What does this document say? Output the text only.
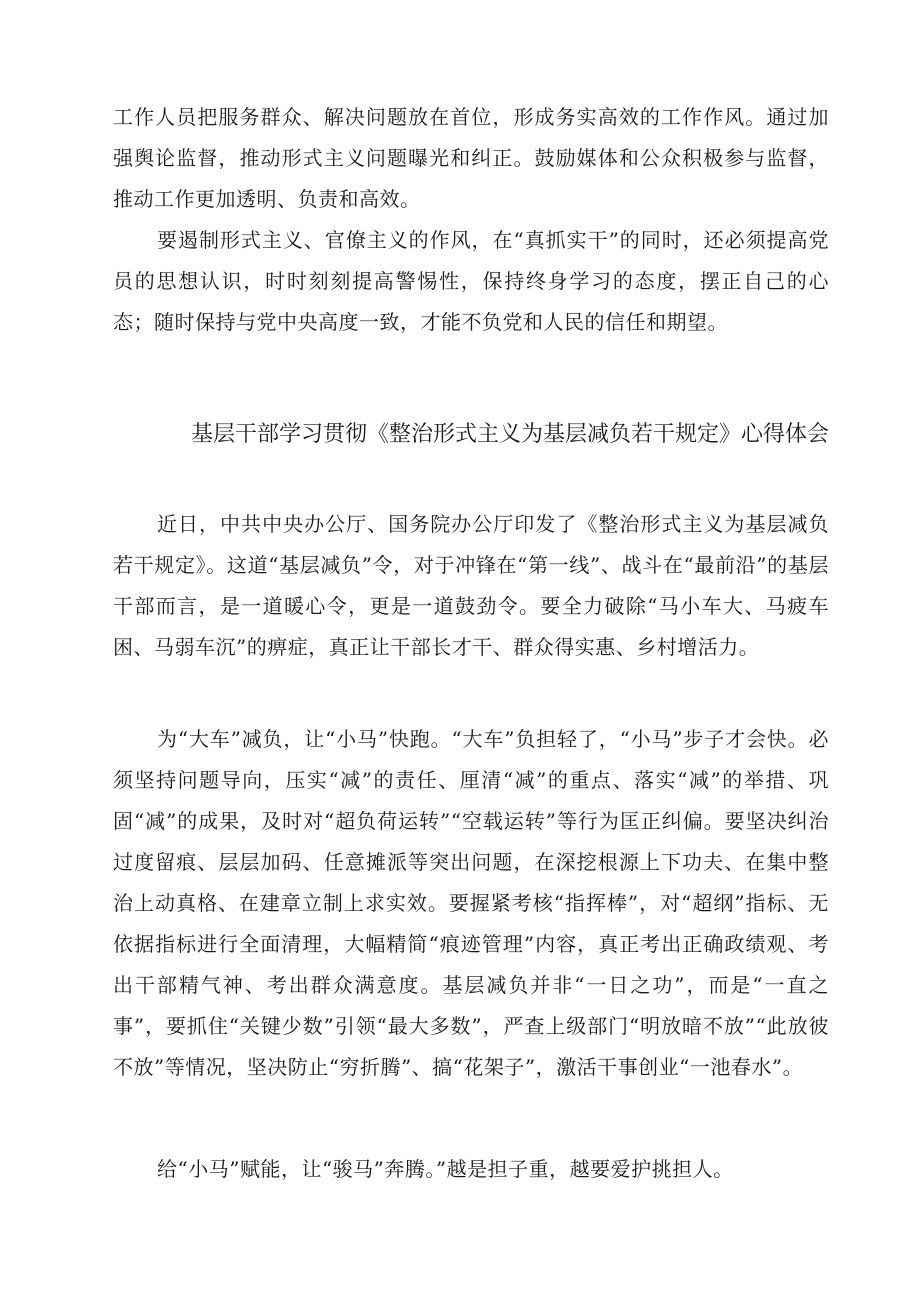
工作人员把服务群众、解决问题放在首位，形成务实高效的工作作风。通过加强舆论监督，推动形式主义问题曝光和纠正。鼓励媒体和公众积极参与监督，推动工作更加透明、负责和高效。

要遏制形式主义、官僚主义的作风，在“真抓实干”的同时，还必须提高党员的思想认识，时时刻刻提高警惕性，保持终身学习的态度，摆正自己的心态；随时保持与党中央高度一致，才能不负党和人民的信任和期望。

基层干部学习贯彻《整治形式主义为基层减负若干规定》心得体会

近日，中共中央办公厅、国务院办公厅印发了《整治形式主义为基层减负若干规定》。这道“基层减负”令，对于冲锋在“第一线”、战斗在“最前沿”的基层干部而言，是一道暖心令，更是一道鼓劲令。要全力破除“马小车大、马疲车困、马弱车沉”的痹症，真正让干部长才干、群众得实惠、乡村增活力。

为“大车”减负，让“小马”快跑。“大车”负担轻了，“小马”步子才会快。必须坚持问题导向，压实“减”的责任、厘清“减”的重点、落实“减”的举措、巩固“减”的成果，及时对“超负荷运转”“空载运转”等行为匡正纠偏。要坚决纠治过度留痕、层层加码、任意摊派等突出问题，在深挖根源上下功夫、在集中整治上动真格、在建章立制上求实效。要握紧考核“指挥棒”，对“超纲”指标、无依据指标进行全面清理，大幅精简“痕迹管理”内容，真正考出正确政绩观、考出干部精气神、考出群众满意度。基层减负并非“一日之功”，而是“一直之事”，要抓住“关键少数”引领“最大多数”，严查上级部门“明放暗不放”“此放彼不放”等情况，坚决防止“穷折腾”、搞“花架子”，激活干事创业“一池春水”。

给“小马”赋能，让“骏马”奔腾。”越是担子重，越要爱护挑担人。
